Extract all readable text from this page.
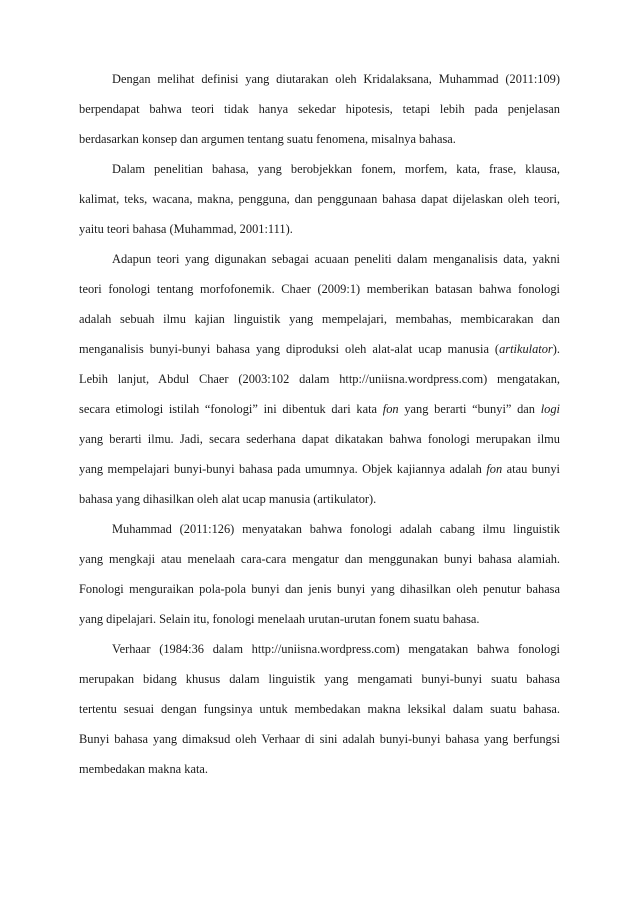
Dengan melihat definisi yang diutarakan oleh Kridalaksana, Muhammad (2011:109)
berpendapat bahwa teori tidak hanya sekedar hipotesis, tetapi lebih pada penjelasan
berdasarkan konsep dan argumen tentang suatu fenomena, misalnya bahasa.
Dalam penelitian bahasa, yang berobjekkan fonem, morfem, kata, frase, klausa,
kalimat, teks, wacana, makna, pengguna, dan penggunaan bahasa dapat dijelaskan oleh teori,
yaitu teori bahasa (Muhammad, 2001:111).
Adapun teori yang digunakan sebagai acuaan peneliti dalam menganalisis data, yakni
teori fonologi tentang morfofonemik. Chaer (2009:1) memberikan batasan bahwa fonologi
adalah sebuah ilmu kajian linguistik yang mempelajari, membahas, membicarakan dan
menganalisis bunyi-bunyi bahasa yang diproduksi oleh alat-alat ucap manusia (artikulator).
Lebih lanjut, Abdul Chaer (2003:102 dalam http://uniisna.wordpress.com) mengatakan,
secara etimologi istilah “fonologi” ini dibentuk dari kata fon yang berarti “bunyi” dan logi
yang berarti ilmu. Jadi, secara sederhana dapat dikatakan bahwa fonologi merupakan ilmu
yang mempelajari bunyi-bunyi bahasa pada umumnya. Objek kajiannya adalah fon atau bunyi
bahasa yang dihasilkan oleh alat ucap manusia (artikulator).
Muhammad (2011:126) menyatakan bahwa fonologi adalah cabang ilmu linguistik
yang mengkaji atau menelaah cara-cara mengatur dan menggunakan bunyi bahasa alamiah.
Fonologi menguraikan pola-pola bunyi dan jenis bunyi yang dihasilkan oleh penutur bahasa
yang dipelajari. Selain itu, fonologi menelaah urutan-urutan fonem suatu bahasa.
Verhaar (1984:36 dalam http://uniisna.wordpress.com) mengatakan bahwa fonologi
merupakan bidang khusus dalam linguistik yang mengamati bunyi-bunyi suatu bahasa
tertentu sesuai dengan fungsinya untuk membedakan makna leksikal dalam suatu bahasa.
Bunyi bahasa yang dimaksud oleh Verhaar di sini adalah bunyi-bunyi bahasa yang berfungsi
membedakan makna kata.
